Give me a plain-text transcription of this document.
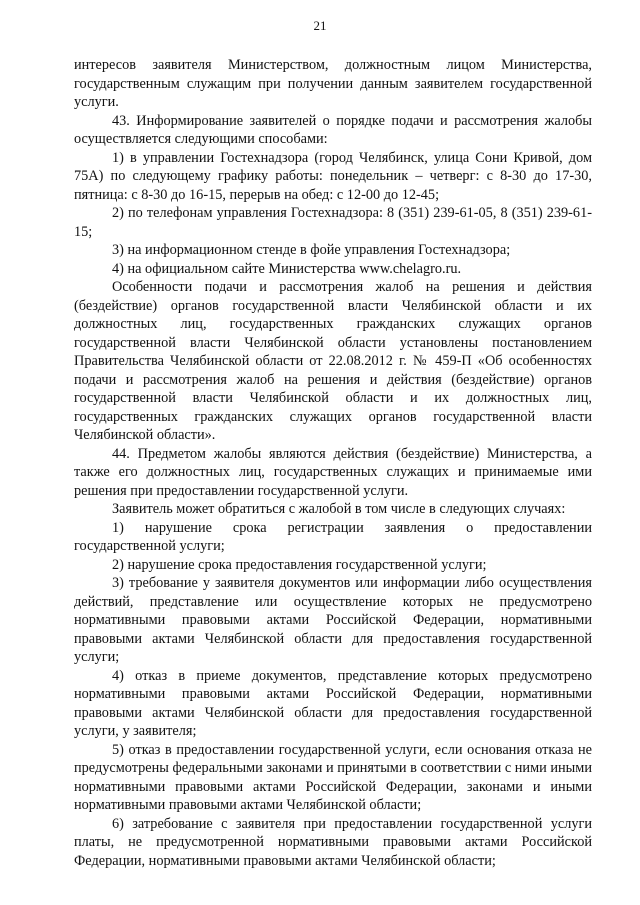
21

интересов заявителя Министерством, должностным лицом Министерства, государственным служащим при получении данным заявителем государственной услуги.

43. Информирование заявителей о порядке подачи и рассмотрения жалобы осуществляется следующими способами:

1) в управлении Гостехнадзора (город Челябинск, улица Сони Кривой, дом 75А) по следующему графику работы: понедельник – четверг: с 8-30 до 17-30, пятница: с 8-30 до 16-15, перерыв на обед: с 12-00 до 12-45;

2) по телефонам управления Гостехнадзора: 8 (351) 239-61-05, 8 (351) 239-61-15;

3) на информационном стенде в фойе управления Гостехнадзора;

4) на официальном сайте Министерства www.chelagro.ru.

Особенности подачи и рассмотрения жалоб на решения и действия (бездействие) органов государственной власти Челябинской области и их должностных лиц, государственных гражданских служащих органов государственной власти Челябинской области установлены постановлением Правительства Челябинской области от 22.08.2012 г. № 459-П «Об особенностях подачи и рассмотрения жалоб на решения и действия (бездействие) органов государственной власти Челябинской области и их должностных лиц, государственных гражданских служащих органов государственной власти Челябинской области».

44. Предметом жалобы являются действия (бездействие) Министерства, а также его должностных лиц, государственных служащих и принимаемые ими решения при предоставлении государственной услуги.

Заявитель может обратиться с жалобой в том числе в следующих случаях:

1) нарушение срока регистрации заявления о предоставлении государственной услуги;

2) нарушение срока предоставления государственной услуги;

3) требование у заявителя документов или информации либо осуществления действий, представление или осуществление которых не предусмотрено нормативными правовыми актами Российской Федерации, нормативными правовыми актами Челябинской области для предоставления государственной услуги;

4) отказ в приеме документов, представление которых предусмотрено нормативными правовыми актами Российской Федерации, нормативными правовыми актами Челябинской области для предоставления государственной услуги, у заявителя;

5) отказ в предоставлении государственной услуги, если основания отказа не предусмотрены федеральными законами и принятыми в соответствии с ними иными нормативными правовыми актами Российской Федерации, законами и иными нормативными правовыми актами Челябинской области;

6) затребование с заявителя при предоставлении государственной услуги платы, не предусмотренной нормативными правовыми актами Российской Федерации, нормативными правовыми актами Челябинской области;
